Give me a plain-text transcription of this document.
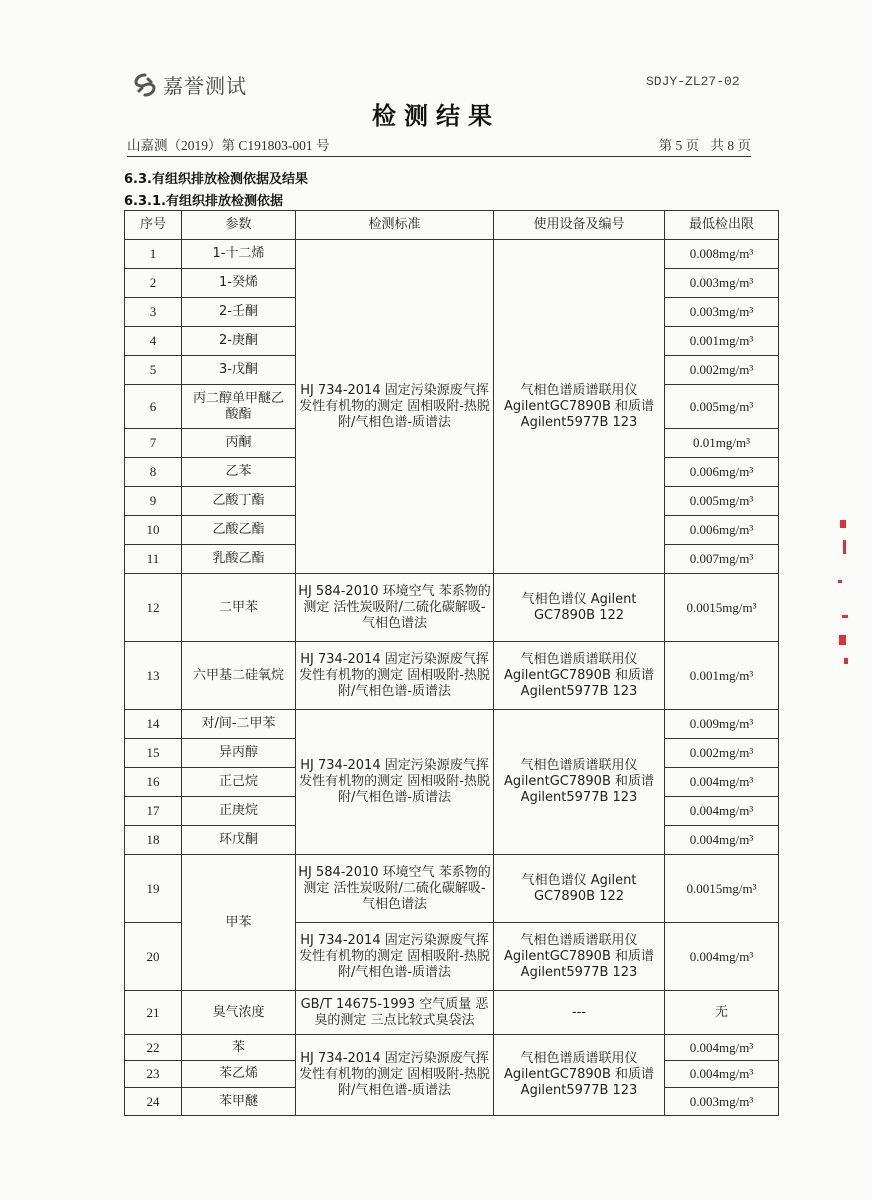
嘉誉测试	SDJY-ZL27-02
检测结果
山嘉测（2019）第 C191803-001 号	第 5 页 共 8 页
6.3.有组织排放检测依据及结果
6.3.1.有组织排放检测依据
序号	参数	检测标准	使用设备及编号	最低检出限
1	1-十二烯	HJ 734-2014 固定污染源废气挥发性有机物的测定 固相吸附-热脱附/气相色谱-质谱法	气相色谱质谱联用仪 AgilentGC7890B 和质谱 Agilent5977B 123	0.008mg/m³
2	1-癸烯			0.003mg/m³
3	2-壬酮			0.003mg/m³
4	2-庚酮			0.001mg/m³
5	3-戊酮			0.002mg/m³
6	丙二醇单甲醚乙酸酯			0.005mg/m³
7	丙酮			0.01mg/m³
8	乙苯			0.006mg/m³
9	乙酸丁酯			0.005mg/m³
10	乙酸乙酯			0.006mg/m³
11	乳酸乙酯			0.007mg/m³
12	二甲苯	HJ 584-2010 环境空气 苯系物的测定 活性炭吸附/二硫化碳解吸-气相色谱法	气相色谱仪 Agilent GC7890B 122	0.0015mg/m³
13	六甲基二硅氧烷	HJ 734-2014 固定污染源废气挥发性有机物的测定 固相吸附-热脱附/气相色谱-质谱法	气相色谱质谱联用仪 AgilentGC7890B 和质谱 Agilent5977B 123	0.001mg/m³
14	对/间-二甲苯	HJ 734-2014 固定污染源废气挥发性有机物的测定 固相吸附-热脱附/气相色谱-质谱法	气相色谱质谱联用仪 AgilentGC7890B 和质谱 Agilent5977B 123	0.009mg/m³
15	异丙醇			0.002mg/m³
16	正己烷			0.004mg/m³
17	正庚烷			0.004mg/m³
18	环戊酮			0.004mg/m³
19	甲苯	HJ 584-2010 环境空气 苯系物的测定 活性炭吸附/二硫化碳解吸-气相色谱法	气相色谱仪 Agilent GC7890B 122	0.0015mg/m³
20		HJ 734-2014 固定污染源废气挥发性有机物的测定 固相吸附-热脱附/气相色谱-质谱法	气相色谱质谱联用仪 AgilentGC7890B 和质谱 Agilent5977B 123	0.004mg/m³
21	臭气浓度	GB/T 14675-1993 空气质量 恶臭的测定 三点比较式臭袋法	---	无
22	苯	HJ 734-2014 固定污染源废气挥发性有机物的测定 固相吸附-热脱附/气相色谱-质谱法	气相色谱质谱联用仪 AgilentGC7890B 和质谱 Agilent5977B 123	0.004mg/m³
23	苯乙烯			0.004mg/m³
24	苯甲醚			0.003mg/m³
